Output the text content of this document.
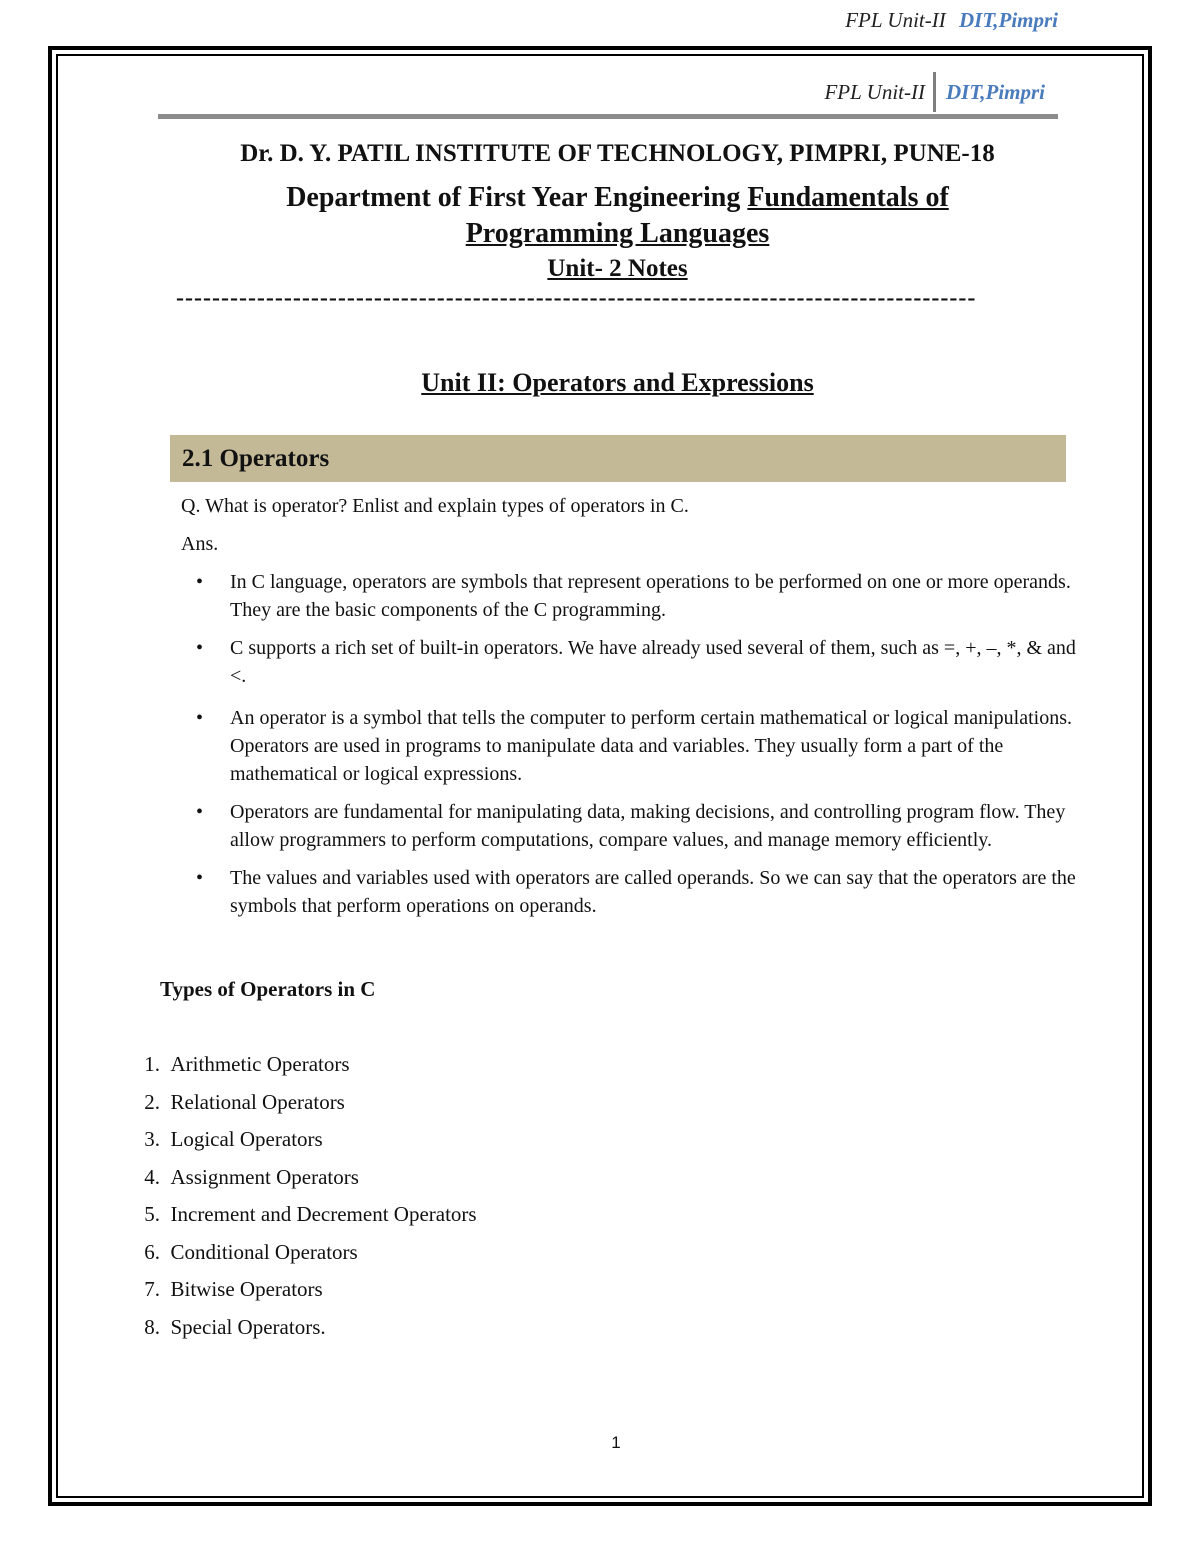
FPL Unit-II DIT,Pimpri
FPL Unit-II	DIT,Pimpri
Dr. D. Y. PATIL INSTITUTE OF TECHNOLOGY, PIMPRI, PUNE-18
Department of First Year Engineering Fundamentals of
Programming Languages
Unit- 2 Notes
-----------------------------------------------------------------------------------------
Unit II: Operators and Expressions
2.1 Operators
Q. What is operator? Enlist and explain types of operators in C.
Ans.
• In C language, operators are symbols that represent operations to be performed on one or more operands. They are the basic components of the C programming.
• C supports a rich set of built-in operators. We have already used several of them, such as =, +, –, *, & and <.
• An operator is a symbol that tells the computer to perform certain mathematical or logical manipulations. Operators are used in programs to manipulate data and variables. They usually form a part of the mathematical or logical expressions.
• Operators are fundamental for manipulating data, making decisions, and controlling program flow. They allow programmers to perform computations, compare values, and manage memory efficiently.
• The values and variables used with operators are called operands. So we can say that the operators are the symbols that perform operations on operands.
Types of Operators in C
1. Arithmetic Operators
2. Relational Operators
3. Logical Operators
4. Assignment Operators
5. Increment and Decrement Operators
6. Conditional Operators
7. Bitwise Operators
8. Special Operators.
1
